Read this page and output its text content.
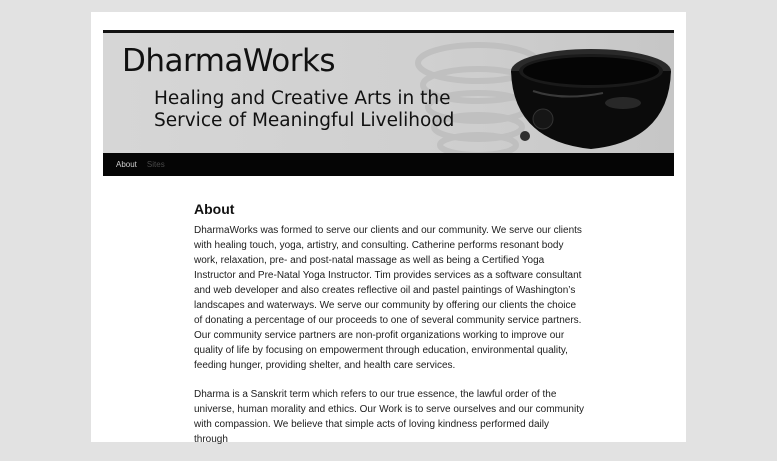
DharmaWorks
Healing and Creative Arts in the Service of Meaningful Livelihood
About	Sites
About

DharmaWorks was formed to serve our clients and our community. We serve our clients with healing touch, yoga, artistry, and consulting. Catherine performs resonant body work, relaxation, pre- and post-natal massage as well as being a Certified Yoga Instructor and Pre-Natal Yoga Instructor. Tim provides services as a software consultant and web developer and also creates reflective oil and pastel paintings of Washington’s landscapes and waterways. We serve our community by offering our clients the choice of donating a percentage of our proceeds to one of several community service partners. Our community service partners are non-profit organizations working to improve our quality of life by focusing on empowerment through education, environmental quality, feeding hunger, providing shelter, and health care services.

Dharma is a Sanskrit term which refers to our true essence, the lawful order of the universe, human morality and ethics. Our Work is to serve ourselves and our community with compassion. We believe that simple acts of loving kindness performed daily through
